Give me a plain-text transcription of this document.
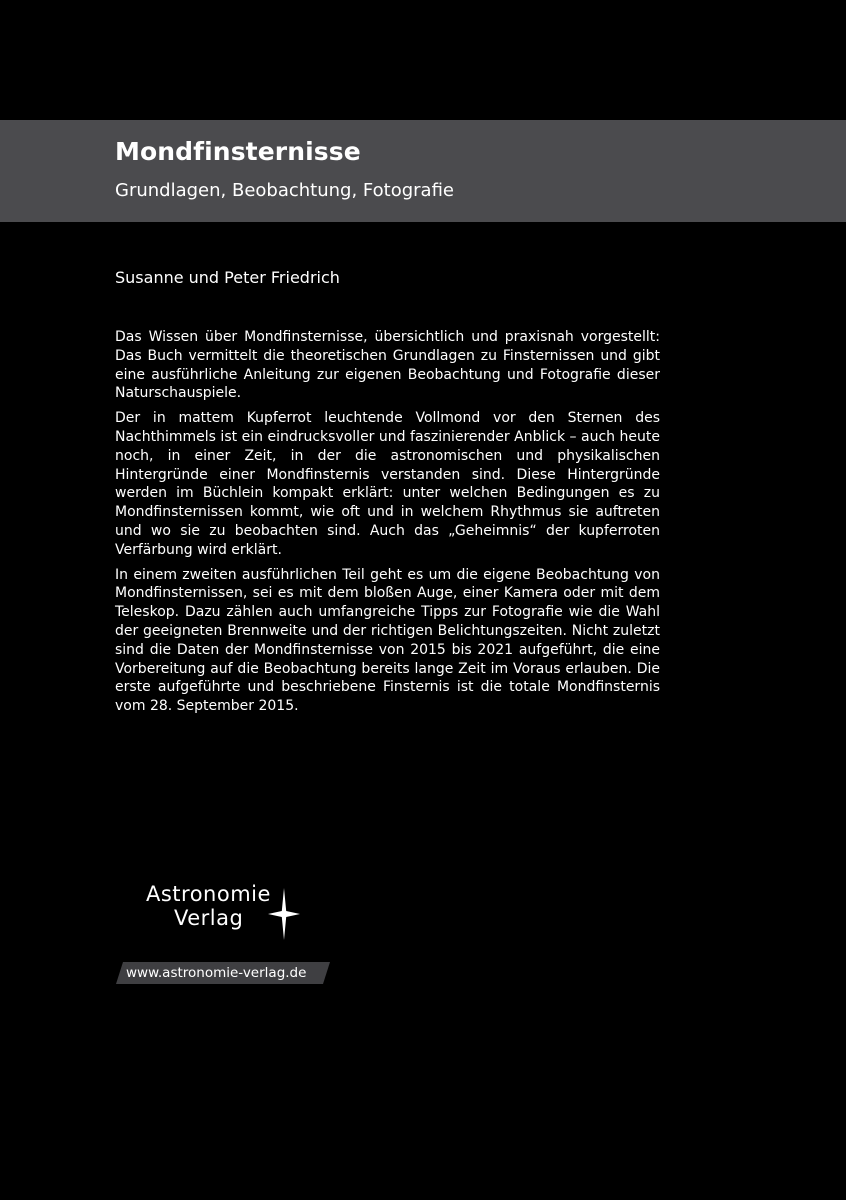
Mondfinsternisse
Grundlagen, Beobachtung, Fotografie
Susanne und Peter Friedrich

Das Wissen über Mondfinsternisse, übersichtlich und praxisnah vorgestellt: Das Buch vermittelt die theoretischen Grundlagen zu Finsternissen und gibt eine ausführliche Anleitung zur eigenen Beobachtung und Fotografie dieser Naturschauspiele.

Der in mattem Kupferrot leuchtende Vollmond vor den Sternen des Nachthimmels ist ein eindrucksvoller und faszinierender Anblick – auch heute noch, in einer Zeit, in der die astronomischen und physikalischen Hintergründe einer Mondfinsternis verstanden sind. Diese Hintergründe werden im Büchlein kompakt erklärt: unter welchen Bedingungen es zu Mondfinsternissen kommt, wie oft und in welchem Rhythmus sie auftreten und wo sie zu beobachten sind. Auch das „Geheimnis“ der kupferroten Verfärbung wird erklärt.

In einem zweiten ausführlichen Teil geht es um die eigene Beobachtung von Mondfinsternissen, sei es mit dem bloßen Auge, einer Kamera oder mit dem Teleskop. Dazu zählen auch umfangreiche Tipps zur Fotografie wie die Wahl der geeigneten Brennweite und der richtigen Belichtungszeiten. Nicht zuletzt sind die Daten der Mondfinsternisse von 2015 bis 2021 aufgeführt, die eine Vorbereitung auf die Beobachtung bereits lange Zeit im Voraus erlauben. Die erste aufgeführte und beschriebene Finsternis ist die totale Mondfinsternis vom 28. September 2015.

Astronomie
Verlag
www.astronomie-verlag.de
